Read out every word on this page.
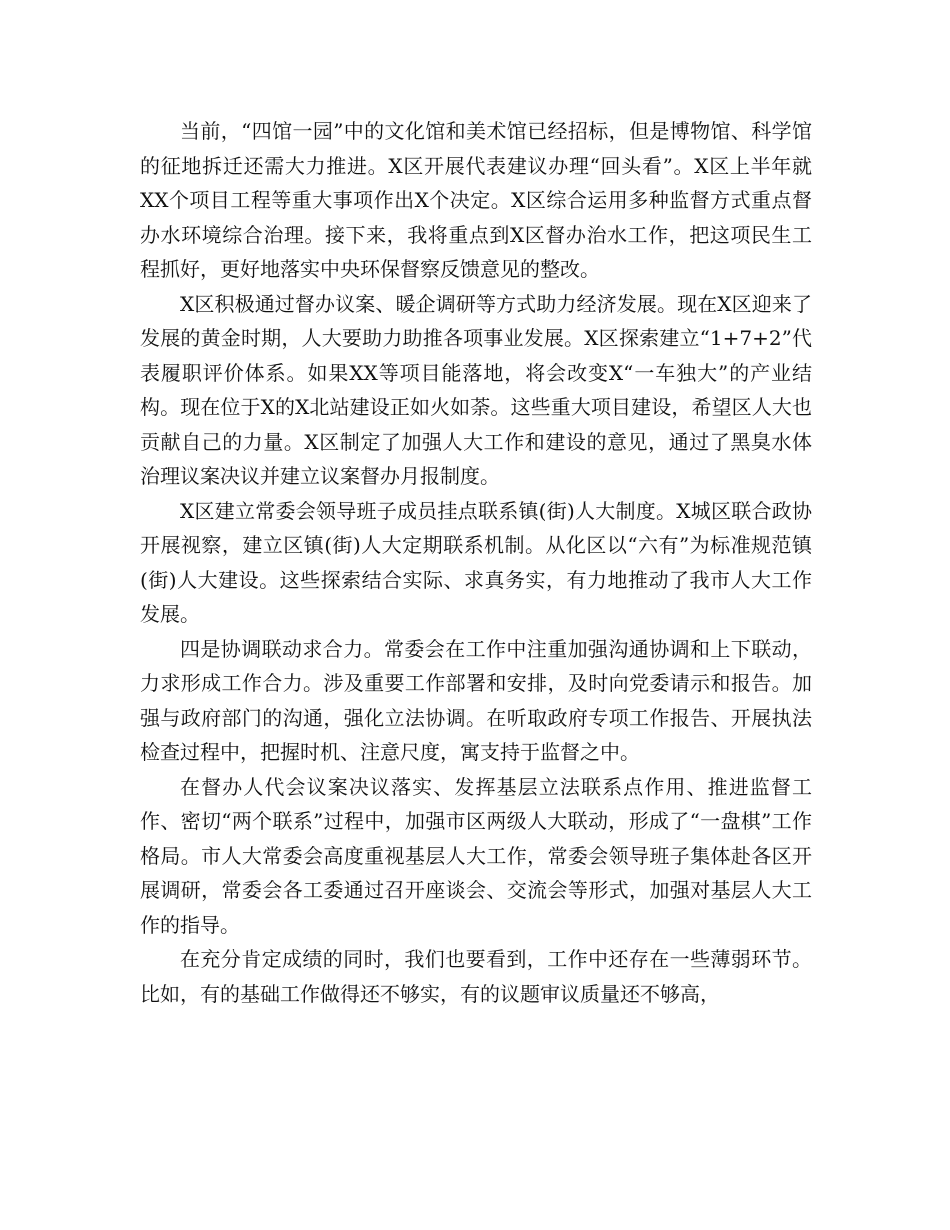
当前，“四馆一园”中的文化馆和美术馆已经招标，但是博物馆、科学馆的征地拆迁还需大力推进。X区开展代表建议办理“回头看”。X区上半年就XX个项目工程等重大事项作出X个决定。X区综合运用多种监督方式重点督办水环境综合治理。接下来，我将重点到X区督办治水工作，把这项民生工程抓好，更好地落实中央环保督察反馈意见的整改。

X区积极通过督办议案、暖企调研等方式助力经济发展。现在X区迎来了发展的黄金时期，人大要助力助推各项事业发展。X区探索建立“1+7+2”代表履职评价体系。如果XX等项目能落地，将会改变X“一车独大”的产业结构。现在位于X的X北站建设正如火如荼。这些重大项目建设，希望区人大也贡献自己的力量。X区制定了加强人大工作和建设的意见，通过了黑臭水体治理议案决议并建立议案督办月报制度。

X区建立常委会领导班子成员挂点联系镇(街)人大制度。X城区联合政协开展视察，建立区镇(街)人大定期联系机制。从化区以“六有”为标准规范镇(街)人大建设。这些探索结合实际、求真务实，有力地推动了我市人大工作发展。

四是协调联动求合力。常委会在工作中注重加强沟通协调和上下联动，力求形成工作合力。涉及重要工作部署和安排，及时向党委请示和报告。加强与政府部门的沟通，强化立法协调。在听取政府专项工作报告、开展执法检查过程中，把握时机、注意尺度，寓支持于监督之中。

在督办人代会议案决议落实、发挥基层立法联系点作用、推进监督工作、密切“两个联系”过程中，加强市区两级人大联动，形成了“一盘棋”工作格局。市人大常委会高度重视基层人大工作，常委会领导班子集体赴各区开展调研，常委会各工委通过召开座谈会、交流会等形式，加强对基层人大工作的指导。

在充分肯定成绩的同时，我们也要看到，工作中还存在一些薄弱环节。比如，有的基础工作做得还不够实，有的议题审议质量还不够高，
